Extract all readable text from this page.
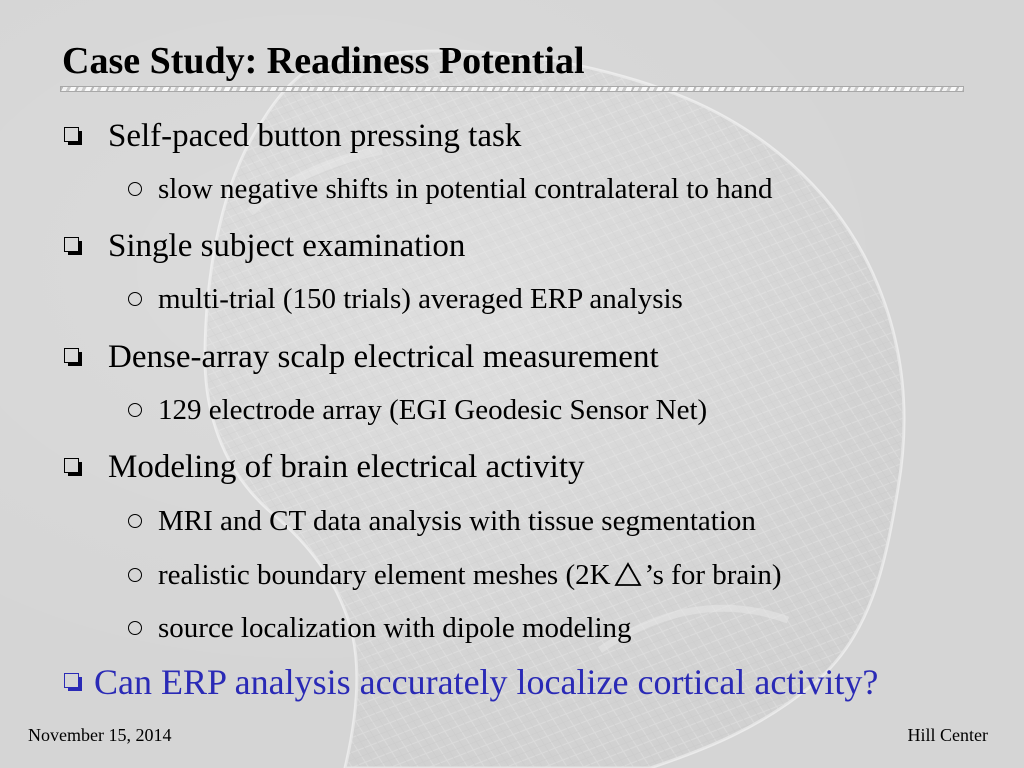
Case Study: Readiness Potential
Self-paced button pressing task
slow negative shifts in potential contralateral to hand
Single subject examination
multi-trial (150 trials) averaged ERP analysis
Dense-array scalp electrical measurement
129 electrode array (EGI Geodesic Sensor Net)
Modeling of brain electrical activity
MRI and CT data analysis with tissue segmentation
realistic boundary element meshes (2K ’s for brain)
source localization with dipole modeling
Can ERP analysis accurately localize cortical activity?
November 15, 2014	Hill Center
